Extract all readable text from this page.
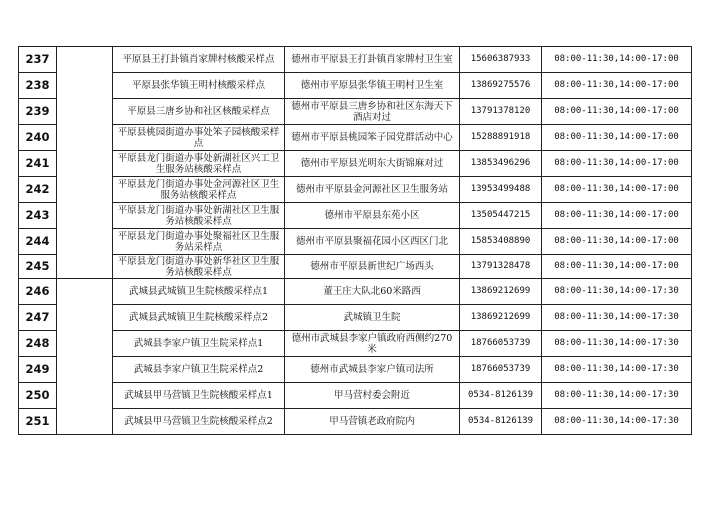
237		平原县王打卦镇肖家牌村核酸采样点	德州市平原县王打卦镇肖家牌村卫生室	15606387933	08:00-11:30,14:00-17:00
238		平原县张华镇王明村核酸采样点	德州市平原县张华镇王明村卫生室	13869275576	08:00-11:30,14:00-17:00
239		平原县三唐乡协和社区核酸采样点	德州市平原县三唐乡协和社区东海天下酒店对过	13791378120	08:00-11:30,14:00-17:00
240		平原县桃园街道办事处笨子园核酸采样点	德州市平原县桃园笨子园党群活动中心	15288891918	08:00-11:30,14:00-17:00
241		平原县龙门街道办事处新湖社区兴工卫生服务站核酸采样点	德州市平原县光明东大街锦麻对过	13853496296	08:00-11:30,14:00-17:00
242		平原县龙门街道办事处金河源社区卫生服务站核酸采样点	德州市平原县金河源社区卫生服务站	13953499488	08:00-11:30,14:00-17:00
243		平原县龙门街道办事处新湖社区卫生服务站核酸采样点	德州市平原县东苑小区	13505447215	08:00-11:30,14:00-17:00
244		平原县龙门街道办事处聚福社区卫生服务站采样点	德州市平原县聚福花园小区西区门北	15853408890	08:00-11:30,14:00-17:00
245		平原县龙门街道办事处新华社区卫生服务站核酸采样点	德州市平原县新世纪广场西头	13791328478	08:00-11:30,14:00-17:00
246		武城县武城镇卫生院核酸采样点1	董王庄大队北60米路西	13869212699	08:00-11:30,14:00-17:30
247		武城县武城镇卫生院核酸采样点2	武城镇卫生院	13869212699	08:00-11:30,14:00-17:30
248		武城县李家户镇卫生院采样点1	德州市武城县李家户镇政府西侧约270米	18766053739	08:00-11:30,14:00-17:30
249		武城县李家户镇卫生院采样点2	德州市武城县李家户镇司法所	18766053739	08:00-11:30,14:00-17:30
250		武城县甲马营镇卫生院核酸采样点1	甲马营村委会附近	0534-8126139	08:00-11:30,14:00-17:30
251		武城县甲马营镇卫生院核酸采样点2	甲马营镇老政府院内	0534-8126139	08:00-11:30,14:00-17:30
